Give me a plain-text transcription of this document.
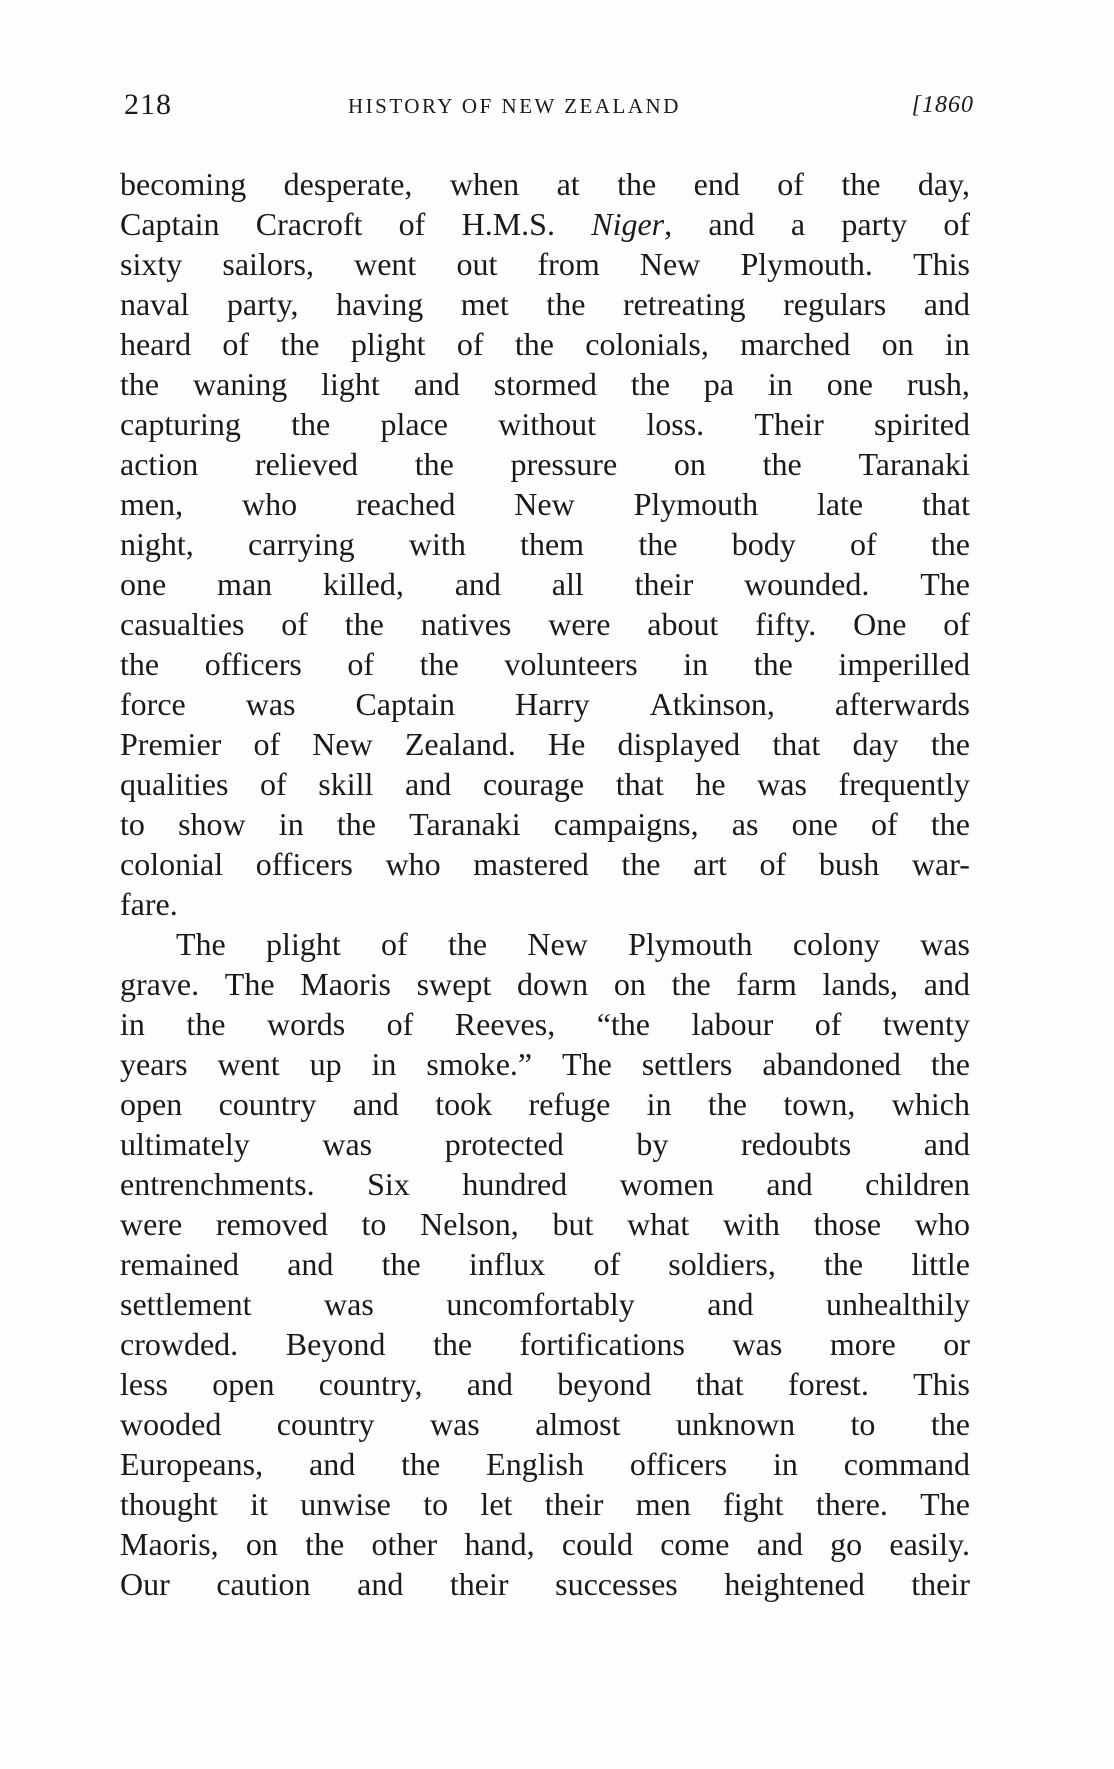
218	HISTORY OF NEW ZEALAND	[1860
becoming desperate, when at the end of the day,
Captain Cracroft of H.M.S. Niger, and a party of
sixty sailors, went out from New Plymouth. This
naval party, having met the retreating regulars and
heard of the plight of the colonials, marched on in
the waning light and stormed the pa in one rush,
capturing the place without loss. Their spirited
action relieved the pressure on the Taranaki
men, who reached New Plymouth late that
night, carrying with them the body of the
one man killed, and all their wounded. The
casualties of the natives were about fifty. One of
the officers of the volunteers in the imperilled
force was Captain Harry Atkinson, afterwards
Premier of New Zealand. He displayed that day the
qualities of skill and courage that he was frequently
to show in the Taranaki campaigns, as one of the
colonial officers who mastered the art of bush war-
fare.
The plight of the New Plymouth colony was
grave. The Maoris swept down on the farm lands, and
in the words of Reeves, “the labour of twenty
years went up in smoke.” The settlers abandoned the
open country and took refuge in the town, which
ultimately was protected by redoubts and
entrenchments. Six hundred women and children
were removed to Nelson, but what with those who
remained and the influx of soldiers, the little
settlement was uncomfortably and unhealthily
crowded. Beyond the fortifications was more or
less open country, and beyond that forest. This
wooded country was almost unknown to the
Europeans, and the English officers in command
thought it unwise to let their men fight there. The
Maoris, on the other hand, could come and go easily.
Our caution and their successes heightened their
